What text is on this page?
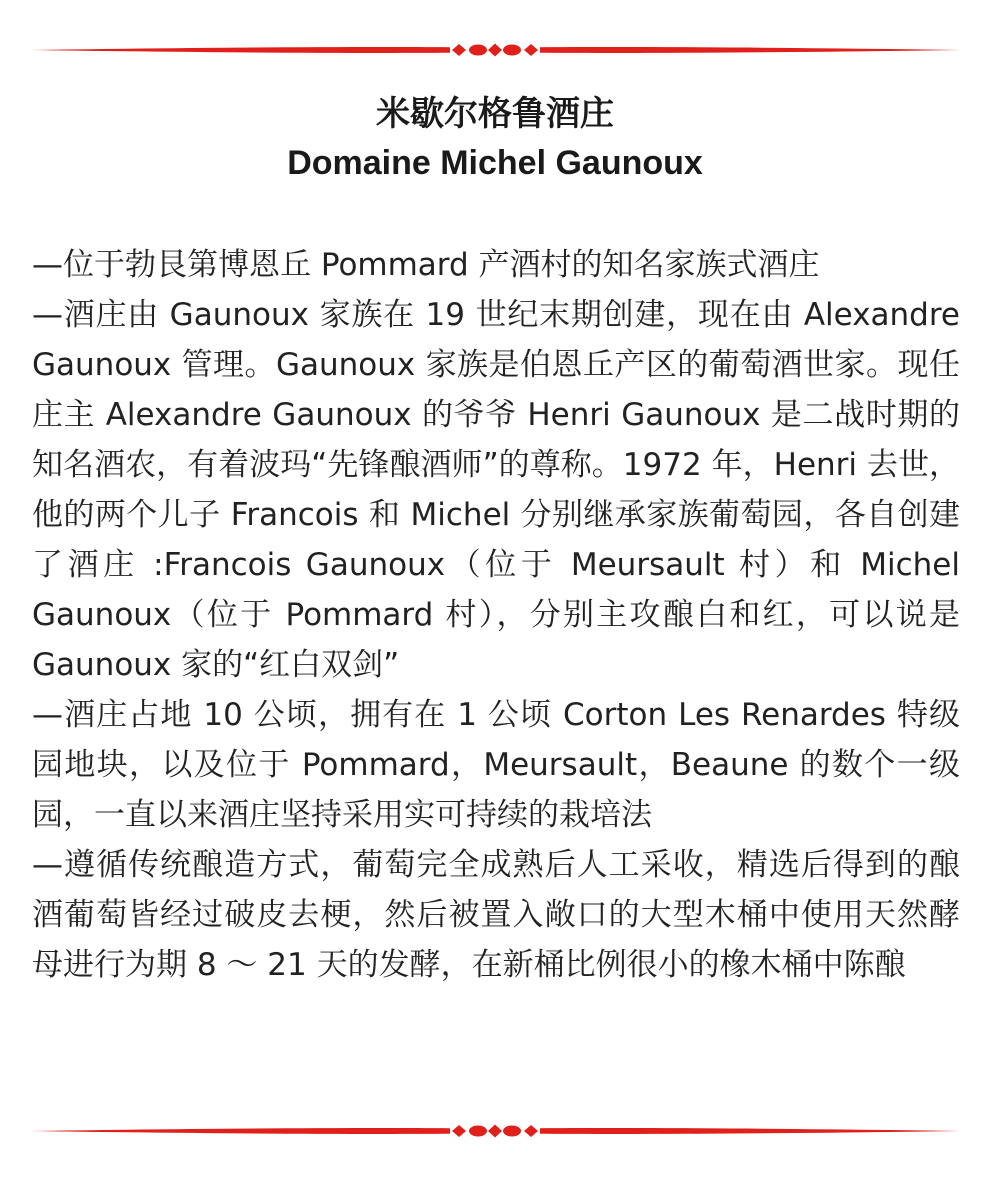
米歇尔格鲁酒庄

Domaine Michel Gaunoux

—位于勃艮第博恩丘 Pommard 产酒村的知名家族式酒庄

—酒庄由 Gaunoux 家族在 19 世纪末期创建，现在由 Alexandre Gaunoux 管理。Gaunoux 家族是伯恩丘产区的葡萄酒世家。现任庄主 Alexandre Gaunoux 的爷爷 Henri Gaunoux 是二战时期的知名酒农，有着波玛“先锋酿酒师”的尊称。1972 年，Henri 去世，他的两个儿子 Francois 和 Michel 分别继承家族葡萄园，各自创建了酒庄 :Francois Gaunoux（位于 Meursault 村）和 Michel Gaunoux（位于 Pommard 村），分别主攻酿白和红，可以说是 Gaunoux 家的“红白双剑”

—酒庄占地 10 公顷，拥有在 1 公顷 Corton Les Renardes 特级园地块，以及位于 Pommard，Meursault，Beaune 的数个一级园，一直以来酒庄坚持采用实可持续的栽培法

—遵循传统酿造方式，葡萄完全成熟后人工采收，精选后得到的酿酒葡萄皆经过破皮去梗，然后被置入敞口的大型木桶中使用天然酵母进行为期 8 ～ 21 天的发酵，在新桶比例很小的橡木桶中陈酿
